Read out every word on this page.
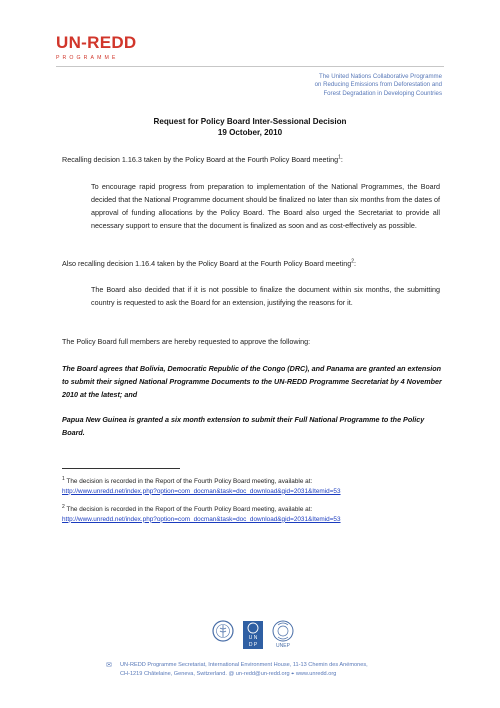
UN-REDD
PROGRAMME
The United Nations Collaborative Programme
on Reducing Emissions from Deforestation and
Forest Degradation in Developing Countries
Request for Policy Board Inter-Sessional Decision
19 October, 2010
Recalling decision 1.16.3 taken by the Policy Board at the Fourth Policy Board meeting$^1$:
To encourage rapid progress from preparation to implementation of the National Programmes, the Board decided that the National Programme document should be finalized no later than six months from the dates of approval of funding allocations by the Policy Board. The Board also urged the Secretariat to provide all necessary support to ensure that the document is finalized as soon and as cost-effectively as possible.
Also recalling decision 1.16.4 taken by the Policy Board at the Fourth Policy Board meeting$^2$:
The Board also decided that if it is not possible to finalize the document within six months, the submitting country is requested to ask the Board for an extension, justifying the reasons for it.
The Policy Board full members are hereby requested to approve the following:
The Board agrees that Bolivia, Democratic Republic of the Congo (DRC), and Panama are granted an extension to submit their signed National Programme Documents to the UN-REDD Programme Secretariat by 4 November 2010 at the latest; and
Papua New Guinea is granted a six month extension to submit their Full National Programme to the Policy Board.
$^1$ The decision is recorded in the Report of the Fourth Policy Board meeting, available at:
http://www.unredd.net/index.php?option=com_docman&task=doc_download&gid=2031&Itemid=53
$^2$ The decision is recorded in the Report of the Fourth Policy Board meeting, available at:
http://www.unredd.net/index.php?option=com_docman&task=doc_download&gid=2031&Itemid=53
U N
D P	UNEP
✉ UN-REDD Programme Secretariat, International Environment House, 11-13 Chemin des Anémones,
CH-1219 Châtelaine, Geneva, Switzerland. @ un-redd@un-redd.org ⌖ www.unredd.org
